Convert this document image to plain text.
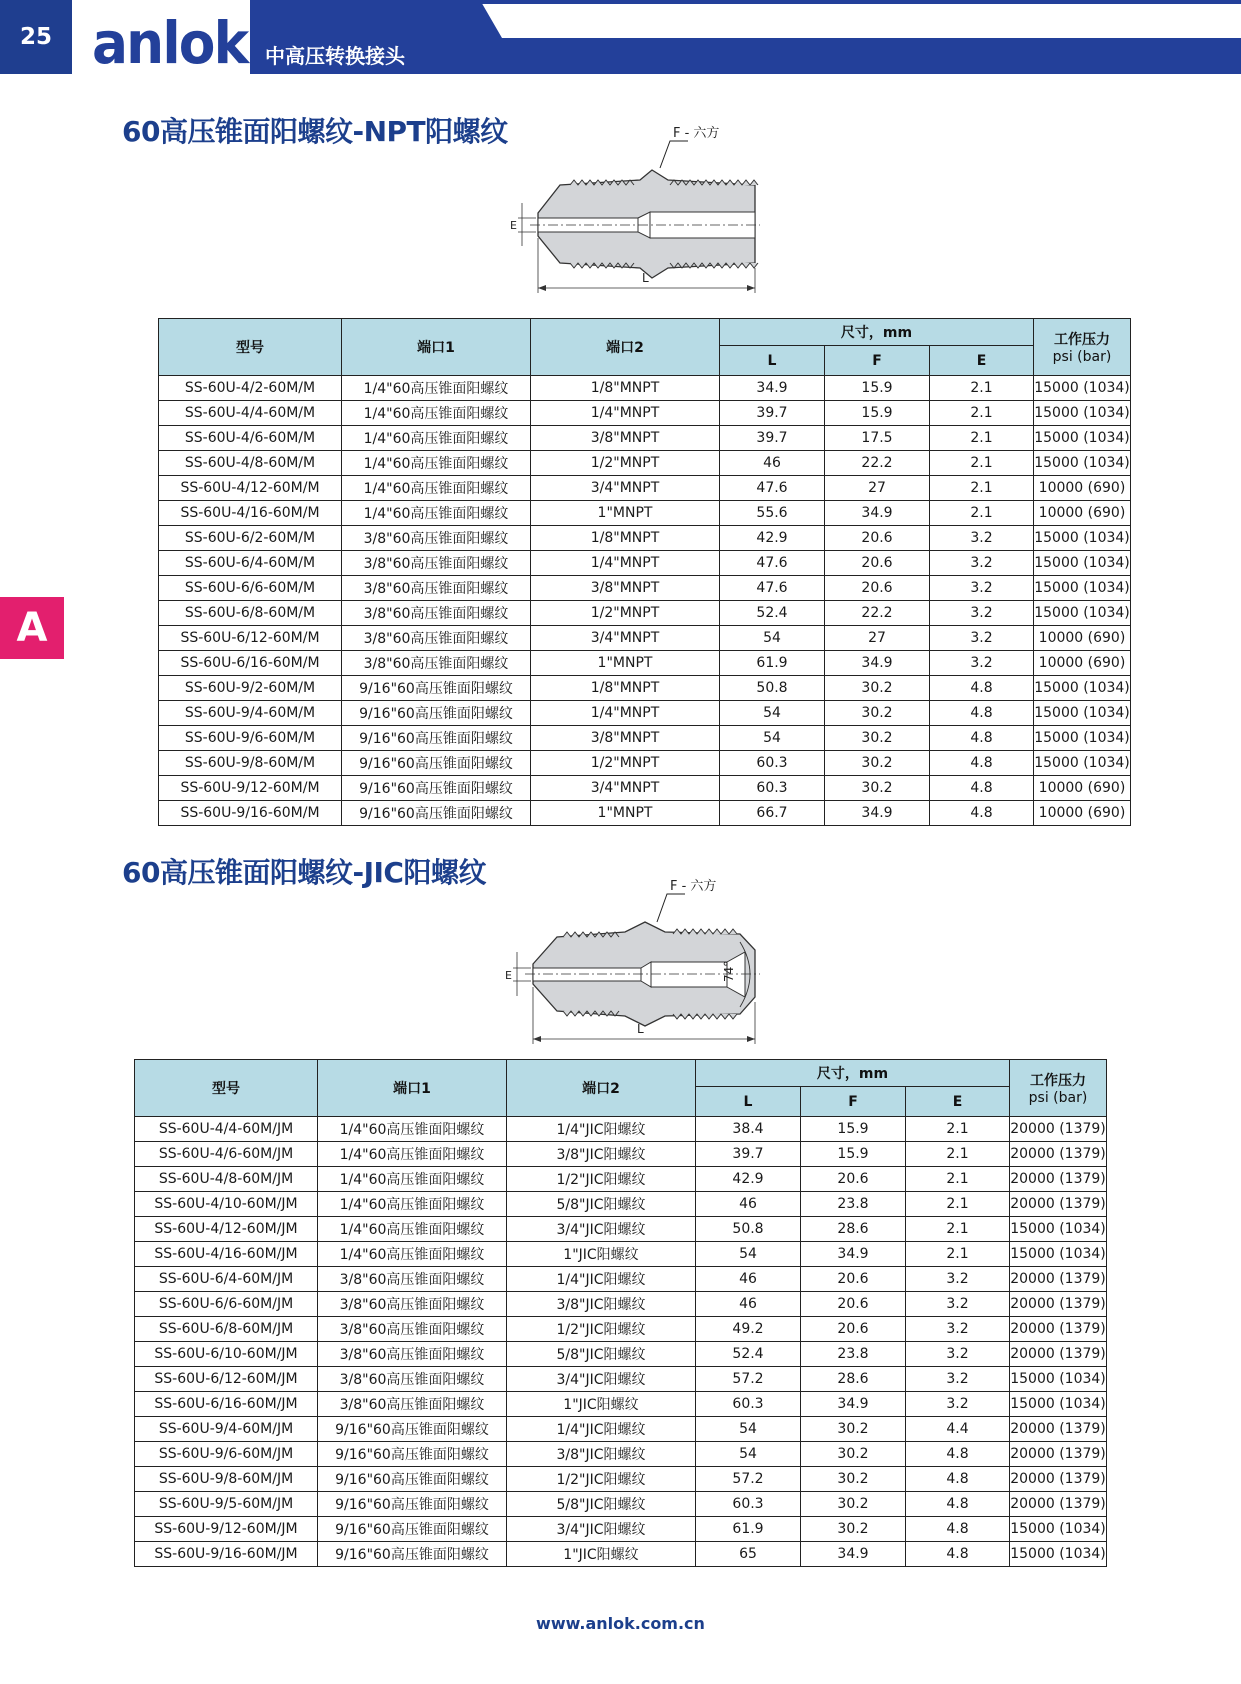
25 anlok 中高压转换接头
A
60高压锥面阳螺纹-NPT阳螺纹	F - 六方
E
L
型号	端口1	端口2	尺寸，mm			工作压力
psi (bar)

			L	F	E	
SS-60U-4/2-60M/M	1/4"60高压锥面阳螺纹	1/8"MNPT	34.9	15.9	2.1	15000 (1034)
SS-60U-4/4-60M/M	1/4"60高压锥面阳螺纹	1/4"MNPT	39.7	15.9	2.1	15000 (1034)
SS-60U-4/6-60M/M	1/4"60高压锥面阳螺纹	3/8"MNPT	39.7	17.5	2.1	15000 (1034)
SS-60U-4/8-60M/M	1/4"60高压锥面阳螺纹	1/2"MNPT	46	22.2	2.1	15000 (1034)
SS-60U-4/12-60M/M	1/4"60高压锥面阳螺纹	3/4"MNPT	47.6	27	2.1	10000 (690)
SS-60U-4/16-60M/M	1/4"60高压锥面阳螺纹	1"MNPT	55.6	34.9	2.1	10000 (690)
SS-60U-6/2-60M/M	3/8"60高压锥面阳螺纹	1/8"MNPT	42.9	20.6	3.2	15000 (1034)
SS-60U-6/4-60M/M	3/8"60高压锥面阳螺纹	1/4"MNPT	47.6	20.6	3.2	15000 (1034)
SS-60U-6/6-60M/M	3/8"60高压锥面阳螺纹	3/8"MNPT	47.6	20.6	3.2	15000 (1034)
SS-60U-6/8-60M/M	3/8"60高压锥面阳螺纹	1/2"MNPT	52.4	22.2	3.2	15000 (1034)
SS-60U-6/12-60M/M	3/8"60高压锥面阳螺纹	3/4"MNPT	54	27	3.2	10000 (690)
SS-60U-6/16-60M/M	3/8"60高压锥面阳螺纹	1"MNPT	61.9	34.9	3.2	10000 (690)
SS-60U-9/2-60M/M	9/16"60高压锥面阳螺纹	1/8"MNPT	50.8	30.2	4.8	15000 (1034)
SS-60U-9/4-60M/M	9/16"60高压锥面阳螺纹	1/4"MNPT	54	30.2	4.8	15000 (1034)
SS-60U-9/6-60M/M	9/16"60高压锥面阳螺纹	3/8"MNPT	54	30.2	4.8	15000 (1034)
SS-60U-9/8-60M/M	9/16"60高压锥面阳螺纹	1/2"MNPT	60.3	30.2	4.8	15000 (1034)
SS-60U-9/12-60M/M	9/16"60高压锥面阳螺纹	3/4"MNPT	60.3	30.2	4.8	10000 (690)
SS-60U-9/16-60M/M	9/16"60高压锥面阳螺纹	1"MNPT	66.7	34.9	4.8	10000 (690)
60高压锥面阳螺纹-JIC阳螺纹	F - 六方
74°
E
L
型号	端口1	端口2	尺寸，mm			工作压力
psi (bar)

			L	F	E	
SS-60U-4/4-60M/JM	1/4"60高压锥面阳螺纹	1/4"JIC阳螺纹	38.4	15.9	2.1	20000 (1379)
SS-60U-4/6-60M/JM	1/4"60高压锥面阳螺纹	3/8"JIC阳螺纹	39.7	15.9	2.1	20000 (1379)
SS-60U-4/8-60M/JM	1/4"60高压锥面阳螺纹	1/2"JIC阳螺纹	42.9	20.6	2.1	20000 (1379)
SS-60U-4/10-60M/JM	1/4"60高压锥面阳螺纹	5/8"JIC阳螺纹	46	23.8	2.1	20000 (1379)
SS-60U-4/12-60M/JM	1/4"60高压锥面阳螺纹	3/4"JIC阳螺纹	50.8	28.6	2.1	15000 (1034)
SS-60U-4/16-60M/JM	1/4"60高压锥面阳螺纹	1"JIC阳螺纹	54	34.9	2.1	15000 (1034)
SS-60U-6/4-60M/JM	3/8"60高压锥面阳螺纹	1/4"JIC阳螺纹	46	20.6	3.2	20000 (1379)
SS-60U-6/6-60M/JM	3/8"60高压锥面阳螺纹	3/8"JIC阳螺纹	46	20.6	3.2	20000 (1379)
SS-60U-6/8-60M/JM	3/8"60高压锥面阳螺纹	1/2"JIC阳螺纹	49.2	20.6	3.2	20000 (1379)
SS-60U-6/10-60M/JM	3/8"60高压锥面阳螺纹	5/8"JIC阳螺纹	52.4	23.8	3.2	20000 (1379)
SS-60U-6/12-60M/JM	3/8"60高压锥面阳螺纹	3/4"JIC阳螺纹	57.2	28.6	3.2	15000 (1034)
SS-60U-6/16-60M/JM	3/8"60高压锥面阳螺纹	1"JIC阳螺纹	60.3	34.9	3.2	15000 (1034)
SS-60U-9/4-60M/JM	9/16"60高压锥面阳螺纹	1/4"JIC阳螺纹	54	30.2	4.4	20000 (1379)
SS-60U-9/6-60M/JM	9/16"60高压锥面阳螺纹	3/8"JIC阳螺纹	54	30.2	4.8	20000 (1379)
SS-60U-9/8-60M/JM	9/16"60高压锥面阳螺纹	1/2"JIC阳螺纹	57.2	30.2	4.8	20000 (1379)
SS-60U-9/5-60M/JM	9/16"60高压锥面阳螺纹	5/8"JIC阳螺纹	60.3	30.2	4.8	20000 (1379)
SS-60U-9/12-60M/JM	9/16"60高压锥面阳螺纹	3/4"JIC阳螺纹	61.9	30.2	4.8	15000 (1034)
SS-60U-9/16-60M/JM	9/16"60高压锥面阳螺纹	1"JIC阳螺纹	65	34.9	4.8	15000 (1034)
www.anlok.com.cn
